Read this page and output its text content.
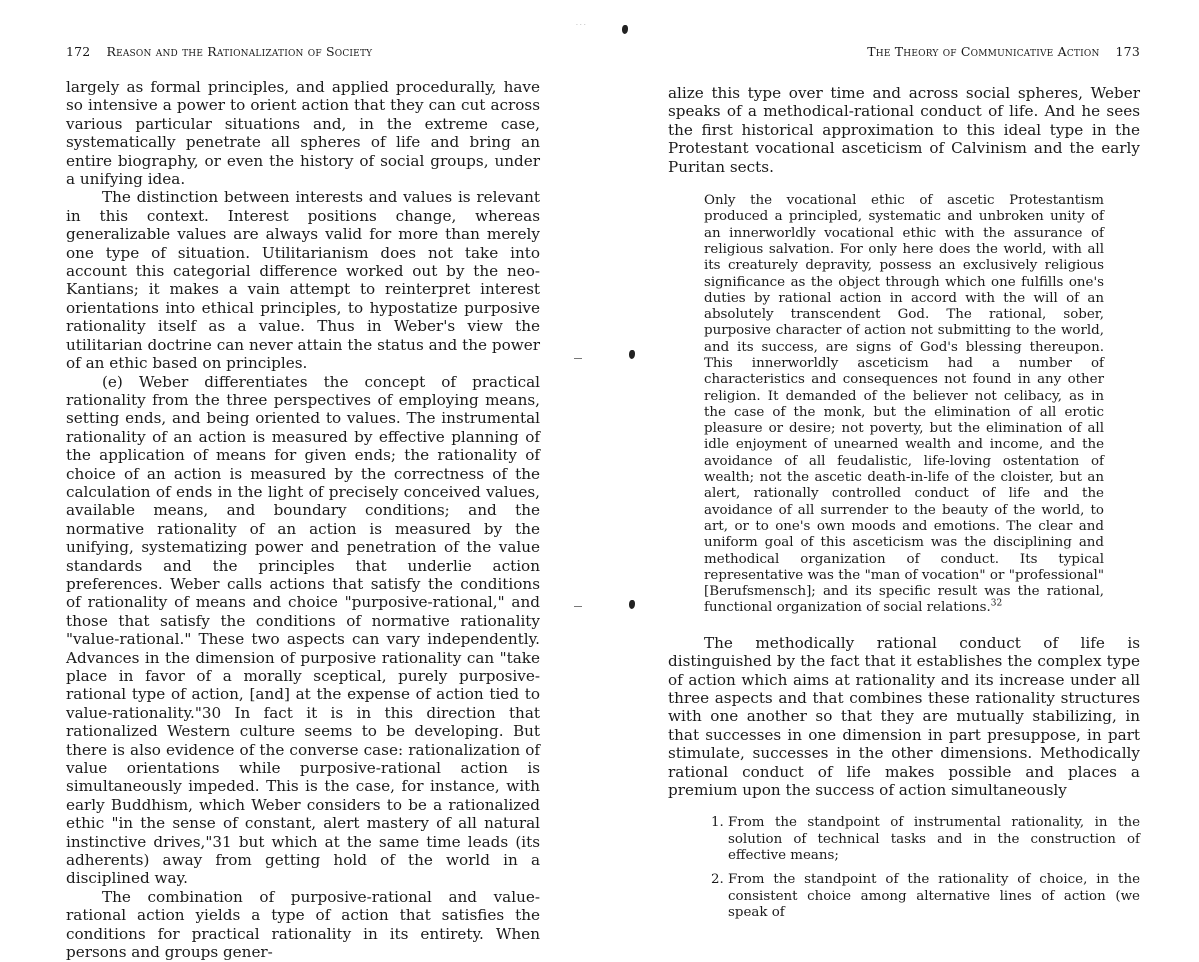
172 Reason and the Rationalization of Society

largely as formal principles, and applied procedurally, have so intensive a power to orient action that they can cut across various particular situations and, in the extreme case, systematically penetrate all spheres of life and bring an entire biography, or even the history of social groups, under a unifying idea.

The distinction between interests and values is relevant in this context. Interest positions change, whereas generalizable values are always valid for more than merely one type of situation. Utilitarianism does not take into account this categorial difference worked out by the neo-Kantians; it makes a vain attempt to reinterpret interest orientations into ethical principles, to hypostatize purposive rationality itself as a value. Thus in Weber's view the utilitarian doctrine can never attain the status and the power of an ethic based on principles.

(e) Weber differentiates the concept of practical rationality from the three perspectives of employing means, setting ends, and being oriented to values. The instrumental rationality of an action is measured by effective planning of the application of means for given ends; the rationality of choice of an action is measured by the correctness of the calculation of ends in the light of precisely conceived values, available means, and boundary conditions; and the normative rationality of an action is measured by the unifying, systematizing power and penetration of the value standards and the principles that underlie action preferences. Weber calls actions that satisfy the conditions of rationality of means and choice "purposive-rational," and those that satisfy the conditions of normative rationality "value-rational." These two aspects can vary independently. Advances in the dimension of purposive rationality can "take place in favor of a morally sceptical, purely purposive-rational type of action, [and] at the expense of action tied to value-rationality."30 In fact it is in this direction that rationalized Western culture seems to be developing. But there is also evidence of the converse case: rationalization of value orientations while purposive-rational action is simultaneously impeded. This is the case, for instance, with early Buddhism, which Weber considers to be a rationalized ethic "in the sense of constant, alert mastery of all natural instinctive drives,"31 but which at the same time leads (its adherents) away from getting hold of the world in a disciplined way.

The combination of purposive-rational and value-rational action yields a type of action that satisfies the conditions for practical rationality in its entirety. When persons and groups gener-

···
The Theory of Communicative Action 173

alize this type over time and across social spheres, Weber speaks of a methodical-rational conduct of life. And he sees the first historical approximation to this ideal type in the Protestant vocational asceticism of Calvinism and the early Puritan sects.

Only the vocational ethic of ascetic Protestantism produced a principled, systematic and unbroken unity of an innerworldly vocational ethic with the assurance of religious salvation. For only here does the world, with all its creaturely depravity, possess an exclusively religious significance as the object through which one fulfills one's duties by rational action in accord with the will of an absolutely transcendent God. The rational, sober, purposive character of action not submitting to the world, and its success, are signs of God's blessing thereupon. This innerworldly asceticism had a number of characteristics and consequences not found in any other religion. It demanded of the believer not celibacy, as in the case of the monk, but the elimination of all erotic pleasure or desire; not poverty, but the elimination of all idle enjoyment of unearned wealth and income, and the avoidance of all feudalistic, life-loving ostentation of wealth; not the ascetic death-in-life of the cloister, but an alert, rationally controlled conduct of life and the avoidance of all surrender to the beauty of the world, to art, or to one's own moods and emotions. The clear and uniform goal of this asceticism was the disciplining and methodical organization of conduct. Its typical representative was the "man of vocation" or "professional" [Berufsmensch]; and its specific result was the rational, functional organization of social relations.$^{32}$

The methodically rational conduct of life is distinguished by the fact that it establishes the complex type of action which aims at rationality and its increase under all three aspects and that combines these rationality structures with one another so that they are mutually stabilizing, in that successes in one dimension in part presuppose, in part stimulate, successes in the other dimensions. Methodically rational conduct of life makes possible and places a premium upon the success of action simultaneously

1. From the standpoint of instrumental rationality, in the solution of technical tasks and in the construction of effective means;
2. From the standpoint of the rationality of choice, in the consistent choice among alternative lines of action (we speak of
